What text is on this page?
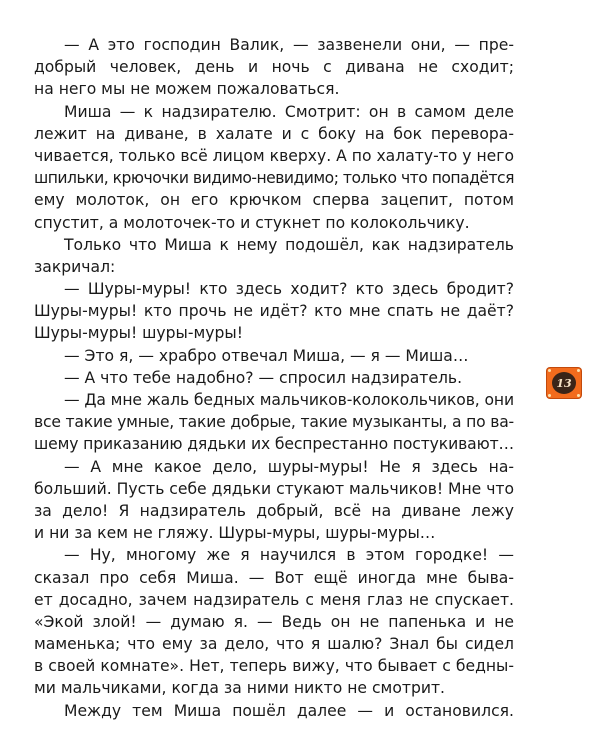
— А это господин Валик, — зазвенели они, — пре-
добрый человек, день и ночь с дивана не сходит;
на него мы не можем пожаловаться.
Миша — к надзирателю. Смотрит: он в самом деле
лежит на диване, в халате и с боку на бок перевора-
чивается, только всё лицом кверху. А по халату-то у него
шпильки, крючочки видимо-невидимо; только что попадётся
ему молоток, он его крючком сперва зацепит, потом
спустит, а молоточек-то и стукнет по колокольчику.
Только что Миша к нему подошёл, как надзиратель
закричал:
— Шуры-муры! кто здесь ходит? кто здесь бродит?
Шуры-муры! кто прочь не идёт? кто мне спать не даёт?
Шуры-муры! шуры-муры!
— Это я, — храбро отвечал Миша, — я — Миша…
— А что тебе надобно? — спросил надзиратель.
— Да мне жаль бедных мальчиков-колокольчиков, они
все такие умные, такие добрые, такие музыканты, а по ва-
шему приказанию дядьки их беспрестанно постукивают…
— А мне какое дело, шуры-муры! Не я здесь на-
больший. Пусть себе дядьки стукают мальчиков! Мне что
за дело! Я надзиратель добрый, всё на диване лежу
и ни за кем не гляжу. Шуры-муры, шуры-муры…
— Ну, многому же я научился в этом городке! —
сказал про себя Миша. — Вот ещё иногда мне быва-
ет досадно, зачем надзиратель с меня глаз не спускает.
«Экой злой! — думаю я. — Ведь он не папенька и не
маменька; что ему за дело, что я шалю? Знал бы сидел
в своей комнате». Нет, теперь вижу, что бывает с бедны-
ми мальчиками, когда за ними никто не смотрит.
Между тем Миша пошёл далее — и остановился.
13
